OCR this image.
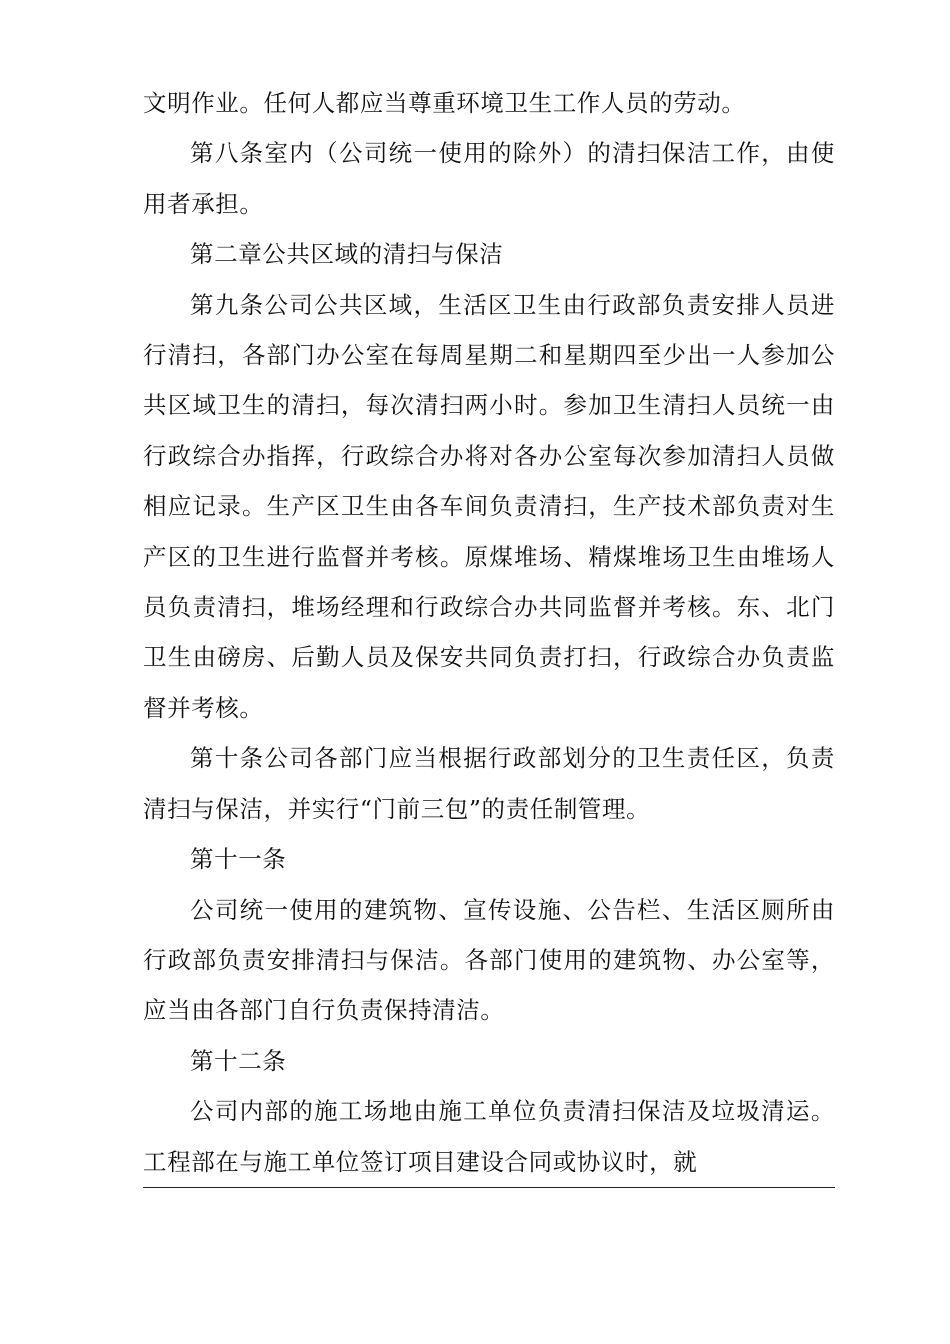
文明作业。任何人都应当尊重环境卫生工作人员的劳动。

第八条室内（公司统一使用的除外）的清扫保洁工作，由使用者承担。

第二章公共区域的清扫与保洁

第九条公司公共区域，生活区卫生由行政部负责安排人员进行清扫，各部门办公室在每周星期二和星期四至少出一人参加公共区域卫生的清扫，每次清扫两小时。参加卫生清扫人员统一由行政综合办指挥，行政综合办将对各办公室每次参加清扫人员做相应记录。生产区卫生由各车间负责清扫，生产技术部负责对生产区的卫生进行监督并考核。原煤堆场、精煤堆场卫生由堆场人员负责清扫，堆场经理和行政综合办共同监督并考核。东、北门卫生由磅房、后勤人员及保安共同负责打扫，行政综合办负责监督并考核。

第十条公司各部门应当根据行政部划分的卫生责任区，负责清扫与保洁，并实行“门前三包”的责任制管理。

第十一条

公司统一使用的建筑物、宣传设施、公告栏、生活区厕所由行政部负责安排清扫与保洁。各部门使用的建筑物、办公室等，应当由各部门自行负责保持清洁。

第十二条

公司内部的施工场地由施工单位负责清扫保洁及垃圾清运。工程部在与施工单位签订项目建设合同或协议时，就
